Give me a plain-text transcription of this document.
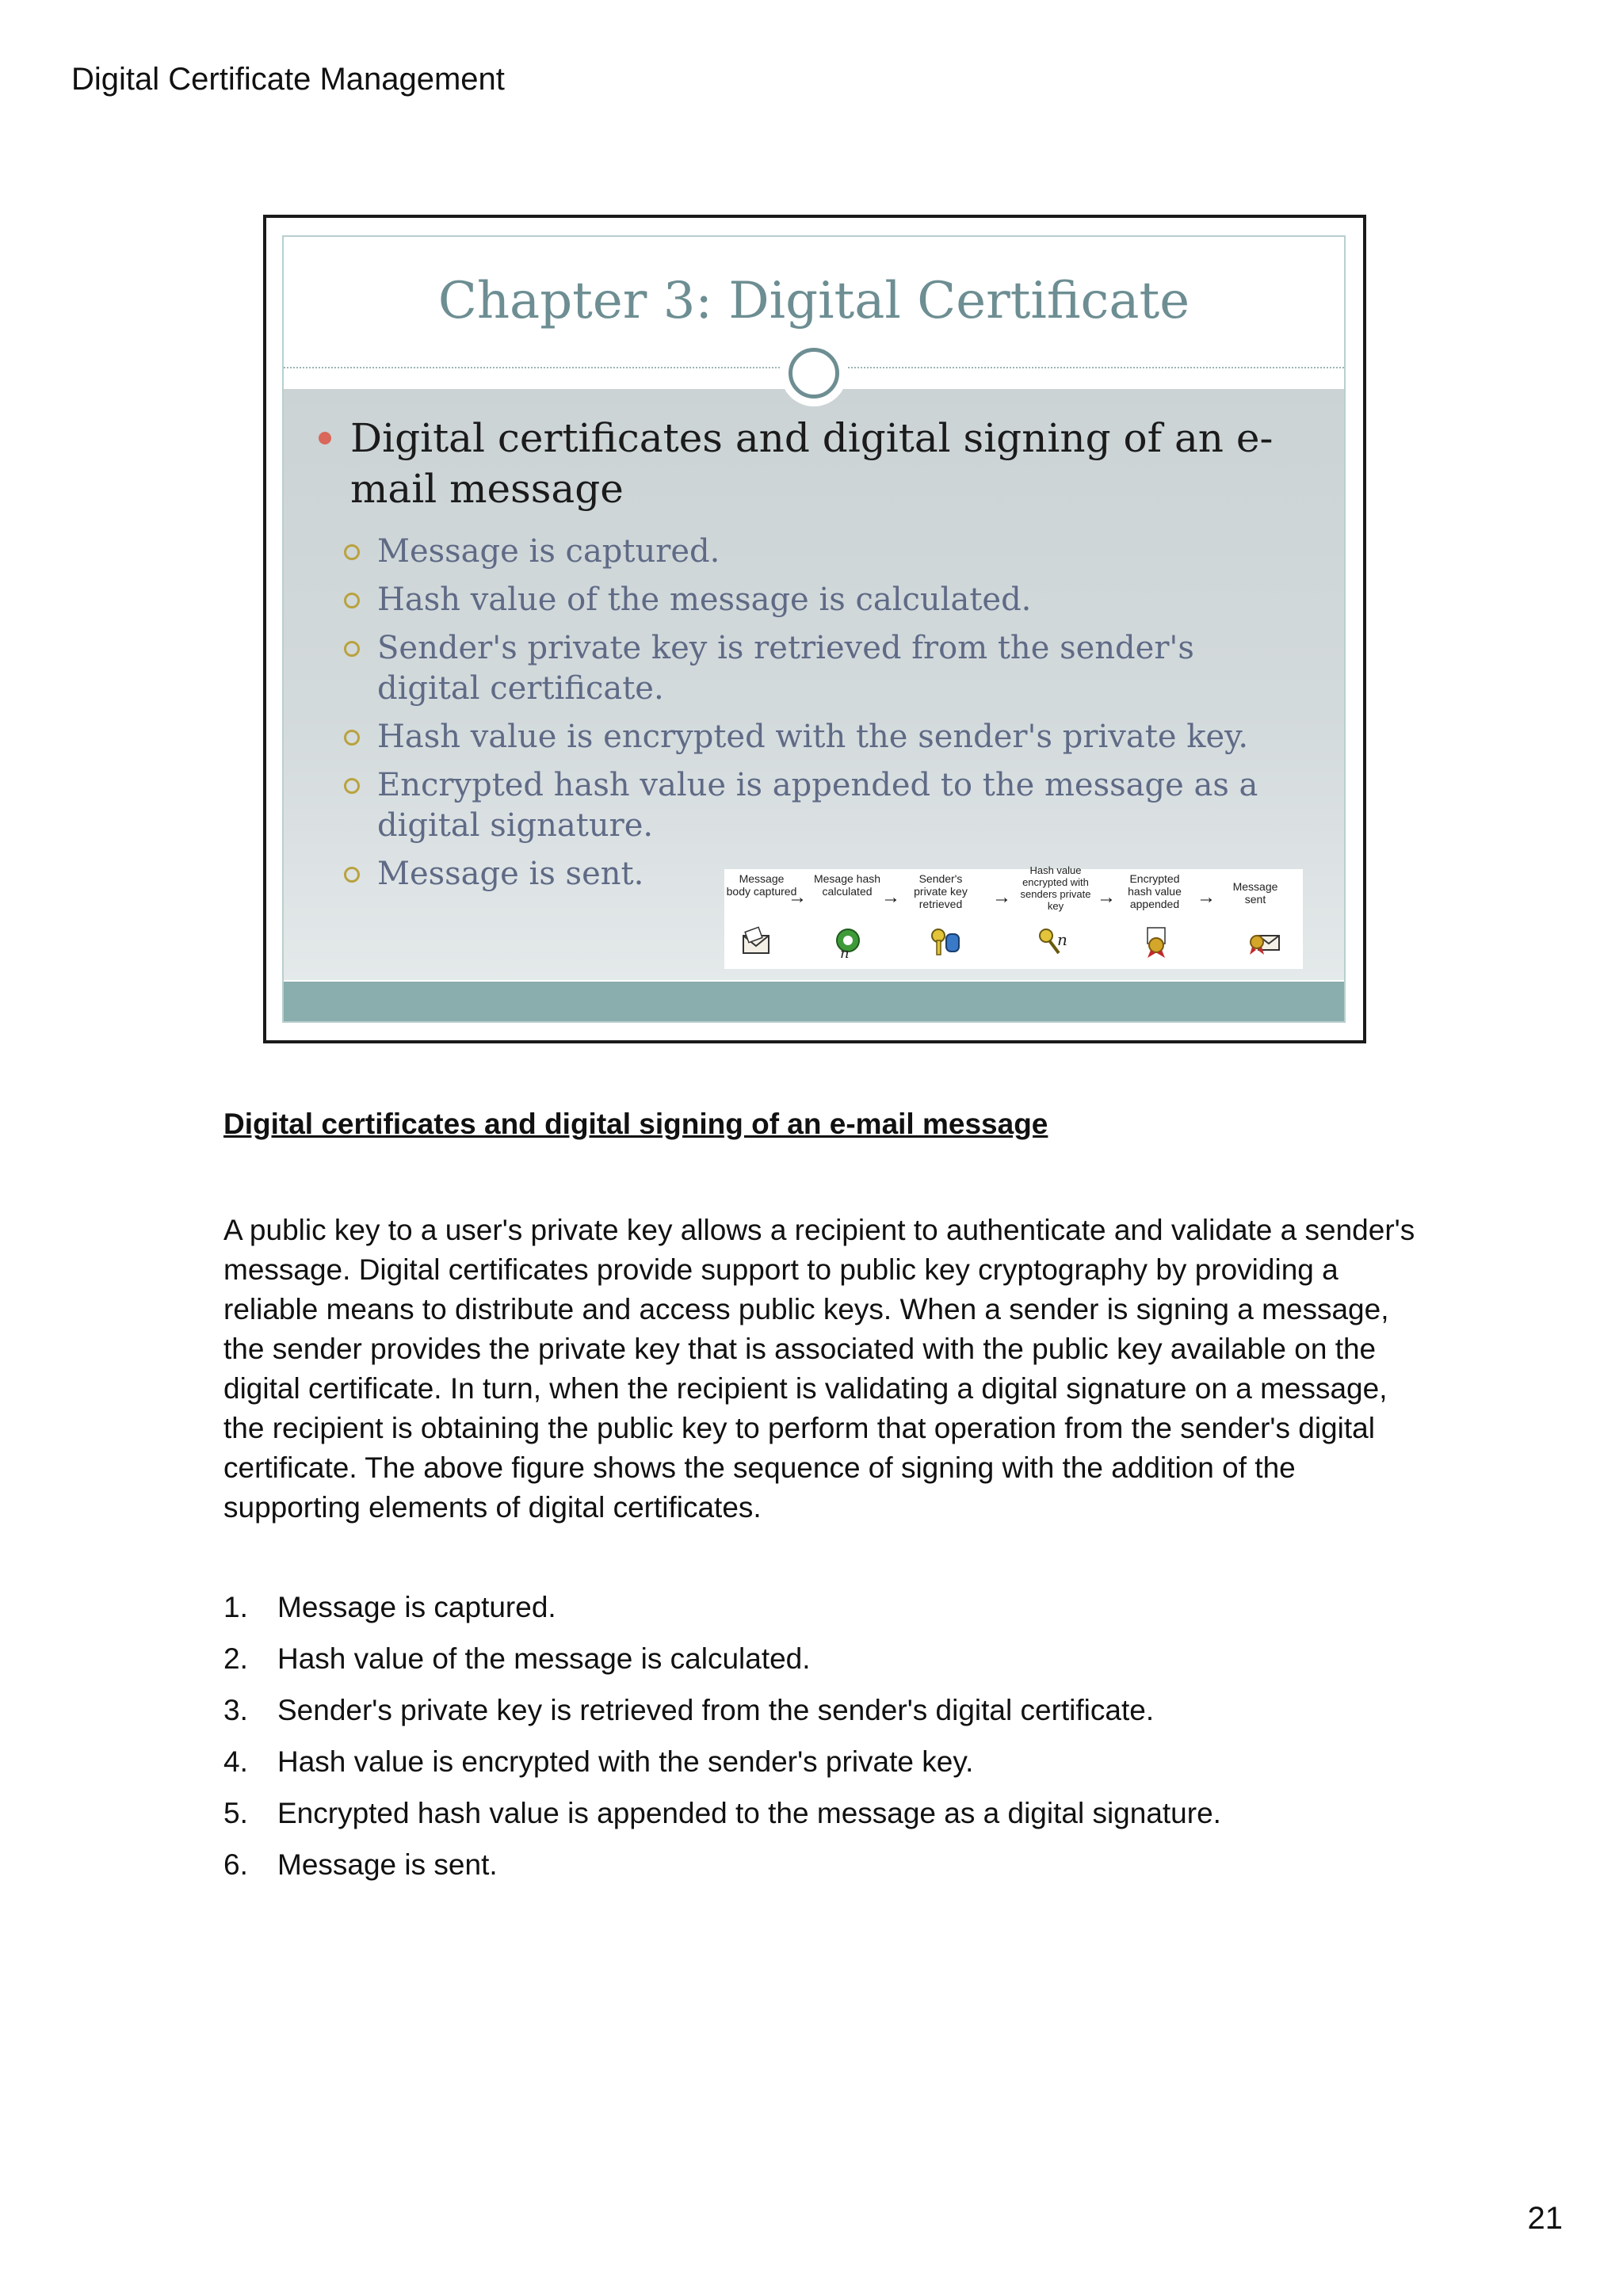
Digital Certificate Management
Chapter 3: Digital Certificate
Digital certificates and digital signing of an e-mail message
Message is captured.
Hash value of the message is calculated.
Sender's private key is retrieved from the sender's digital certificate.
Hash value is encrypted with the sender's private key.
Encrypted hash value is appended to the message as a digital signature.
Message is sent.	Message body captured
→
Mesage hash calculated →
Sender's private key retrieved	→
Hash value encrypted with senders private key	→
Encrypted hash value appended →	Message sent
n
n
Digital certificates and digital signing of an e-mail message

A public key to a user's private key allows a recipient to authenticate and validate a sender's message. Digital certificates provide support to public key cryptography by providing a reliable means to distribute and access public keys. When a sender is signing a message, the sender provides the private key that is associated with the public key available on the digital certificate. In turn, when the recipient is validating a digital signature on a message, the recipient is obtaining the public key to perform that operation from the sender's digital certificate. The above figure shows the sequence of signing with the addition of the supporting elements of digital certificates.

1. Message is captured.
2. Hash value of the message is calculated.
3. Sender's private key is retrieved from the sender's digital certificate.
4. Hash value is encrypted with the sender's private key.
5. Encrypted hash value is appended to the message as a digital signature.
6. Message is sent.
21
